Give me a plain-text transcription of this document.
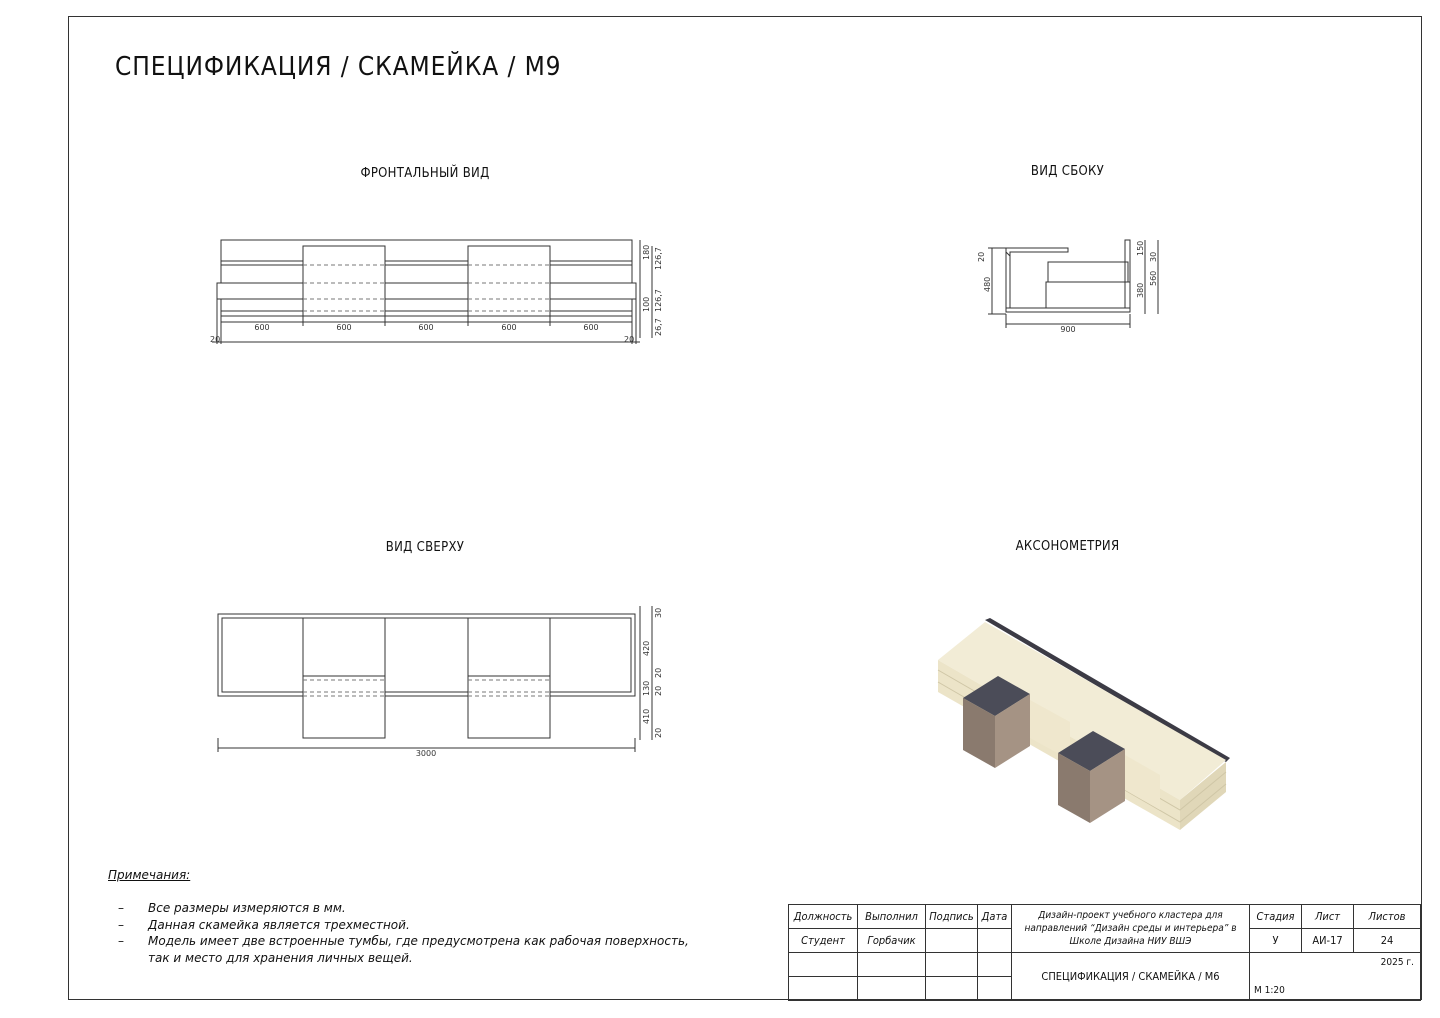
СПЕЦИФИКАЦИЯ / СКАМЕЙКА / М9
ФРОНТАЛЬНЫЙ ВИД	ВИД СБОКУ
ВИД СВЕРХУ	АКСОНОМЕТРИЯ
600	600	600	600	600
20	20
180 126,7
100 126,7
26,7
20
480
150
30
380
560
900
30
420
20
130 20
410
20
3000
Примечания:
–	Все размеры измеряются в мм.
–	Данная скамейка является трехместной.
–	Модель имеет две встроенные тумбы, где предусмотрена как рабочая поверхность, так и место для хранения личных вещей.
Должность	Выполнил	Подпись	Дата	Дизайн-проект учебного кластера для направлений “Дизайн среды и интерьера” в Школе Дизайна НИУ ВШЭ	Стадия	Лист	Листов
Студент	Горбачик				У	АИ-17	24
				СПЕЦИФИКАЦИЯ / СКАМЕЙКА / М6	2025 г.
М 1:20		
